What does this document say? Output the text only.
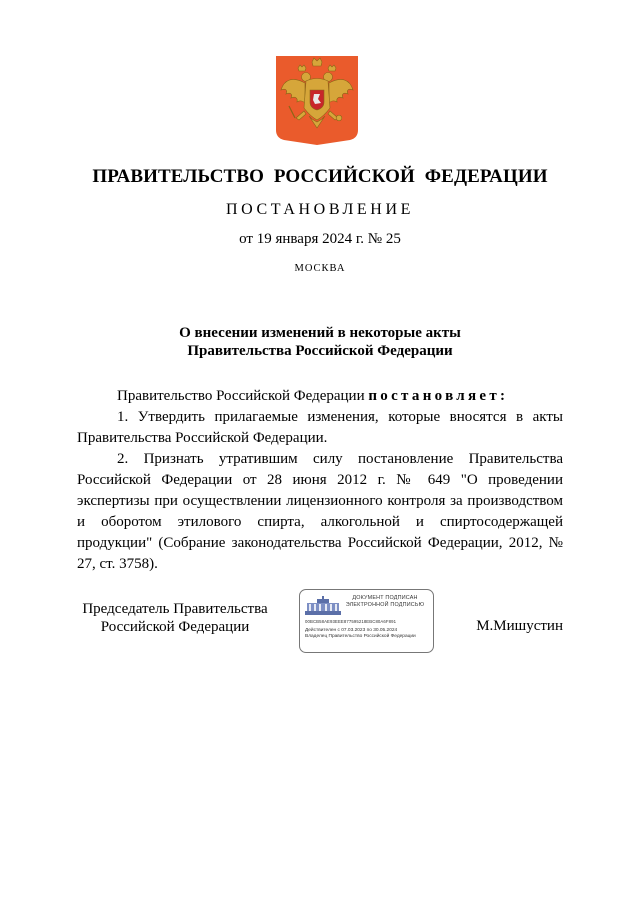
ПРАВИТЕЛЬСТВО РОССИЙСКОЙ ФЕДЕРАЦИИ
ПОСТАНОВЛЕНИЕ
от 19 января 2024 г. № 25
МОСКВА
О внесении изменений в некоторые акты
Правительства Российской Федерации

Правительство Российской Федерации постановляет:

1. Утвердить прилагаемые изменения, которые вносятся в акты Правительства Российской Федерации.

2. Признать утратившим силу постановление Правительства Российской Федерации от 28 июня 2012 г. № 649 "О проведении экспертизы при осуществлении лицензионного контроля за производством и оборотом этилового спирта, алкогольной и спиртосодержащей продукции" (Собрание законодательства Российской Федерации, 2012, № 27, ст. 3758).

Председатель Правительства
Российской Федерации
ДОКУМЕНТ ПОДПИСАН
ЭЛЕКТРОННОЙ ПОДПИСЬЮ
00BCB58AE93EEE877595218EBC80A6F891
Действителен с 07.03.2023 по 30.05.2024
Владелец Правительство Российской Федерации
М.Мишустин
